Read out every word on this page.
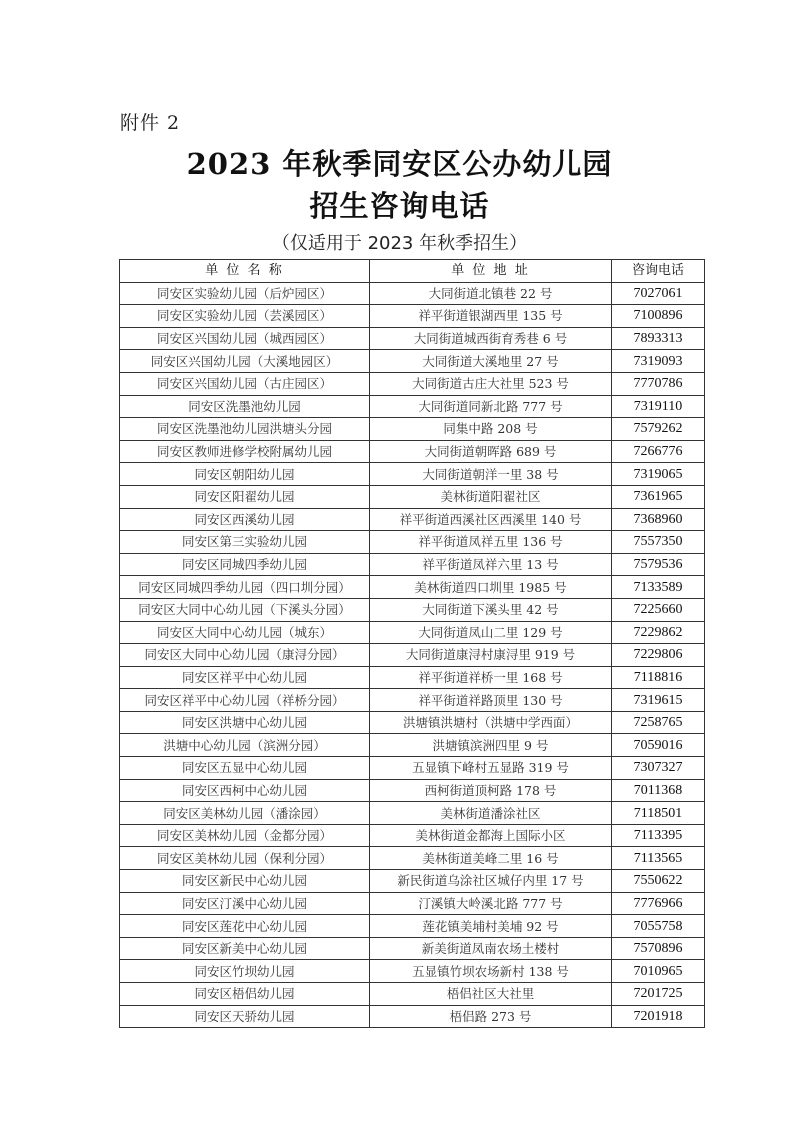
附件 2
2023 年秋季同安区公办幼儿园
招生咨询电话
（仅适用于 2023 年秋季招生）
单 位 名 称	单 位 地 址	咨询电话
同安区实验幼儿园（后炉园区）	大同街道北镇巷 22 号	7027061
同安区实验幼儿园（芸溪园区）	祥平街道银湖西里 135 号	7100896
同安区兴国幼儿园（城西园区）	大同街道城西街育秀巷 6 号	7893313
同安区兴国幼儿园（大溪地园区）	大同街道大溪地里 27 号	7319093
同安区兴国幼儿园（古庄园区）	大同街道古庄大社里 523 号	7770786
同安区洗墨池幼儿园	大同街道同新北路 777 号	7319110
同安区洗墨池幼儿园洪塘头分园	同集中路 208 号	7579262
同安区教师进修学校附属幼儿园	大同街道朝晖路 689 号	7266776
同安区朝阳幼儿园	大同街道朝洋一里 38 号	7319065
同安区阳翟幼儿园	美林街道阳翟社区	7361965
同安区西溪幼儿园	祥平街道西溪社区西溪里 140 号	7368960
同安区第三实验幼儿园	祥平街道凤祥五里 136 号	7557350
同安区同城四季幼儿园	祥平街道凤祥六里 13 号	7579536
同安区同城四季幼儿园（四口圳分园）	美林街道四口圳里 1985 号	7133589
同安区大同中心幼儿园（下溪头分园）	大同街道下溪头里 42 号	7225660
同安区大同中心幼儿园（城东）	大同街道凤山二里 129 号	7229862
同安区大同中心幼儿园（康浔分园）	大同街道康浔村康浔里 919 号	7229806
同安区祥平中心幼儿园	祥平街道祥桥一里 168 号	7118816
同安区祥平中心幼儿园（祥桥分园）	祥平街道祥路顶里 130 号	7319615
同安区洪塘中心幼儿园	洪塘镇洪塘村（洪塘中学西面）	7258765
洪塘中心幼儿园（滨洲分园）	洪塘镇滨洲四里 9 号	7059016
同安区五显中心幼儿园	五显镇下峰村五显路 319 号	7307327
同安区西柯中心幼儿园	西柯街道顶柯路 178 号	7011368
同安区美林幼儿园（潘涂园）	美林街道潘涂社区	7118501
同安区美林幼儿园（金都分园）	美林街道金都海上国际小区	7113395
同安区美林幼儿园（保利分园）	美林街道美峰二里 16 号	7113565
同安区新民中心幼儿园	新民街道乌涂社区城仔内里 17 号	7550622
同安区汀溪中心幼儿园	汀溪镇大岭溪北路 777 号	7776966
同安区莲花中心幼儿园	莲花镇美埔村美埔 92 号	7055758
同安区新美中心幼儿园	新美街道凤南农场土楼村	7570896
同安区竹坝幼儿园	五显镇竹坝农场新村 138 号	7010965
同安区梧侣幼儿园	梧侣社区大社里	7201725
同安区天骄幼儿园	梧侣路 273 号	7201918
